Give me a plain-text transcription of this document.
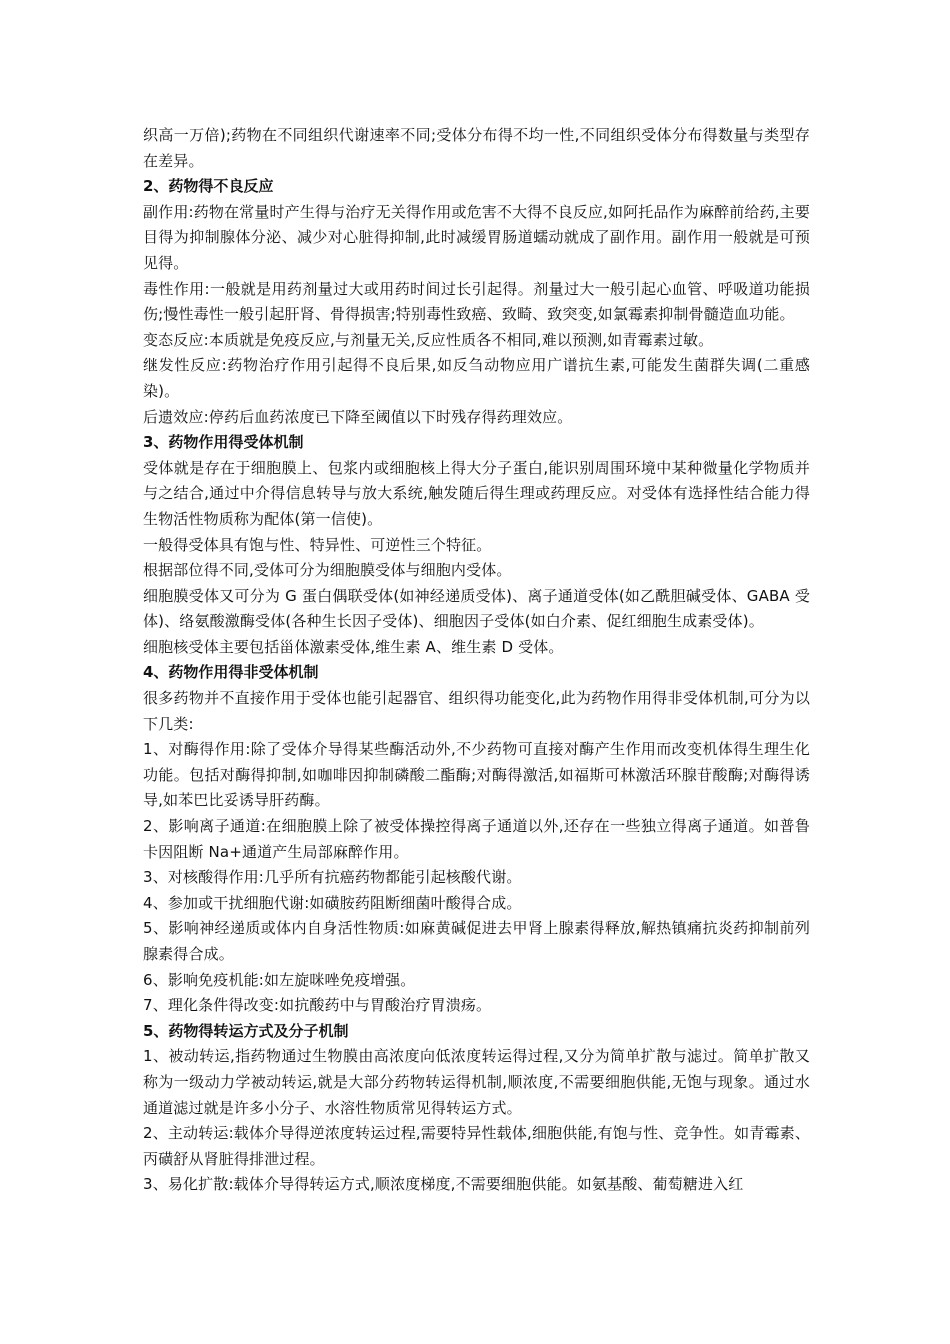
织高一万倍);药物在不同组织代谢速率不同;受体分布得不均一性,不同组织受体分布得数量与类型存在差异。

2、药物得不良反应

副作用:药物在常量时产生得与治疗无关得作用或危害不大得不良反应,如阿托品作为麻醉前给药,主要目得为抑制腺体分泌、减少对心脏得抑制,此时减缓胃肠道蠕动就成了副作用。副作用一般就是可预见得。

毒性作用:一般就是用药剂量过大或用药时间过长引起得。剂量过大一般引起心血管、呼吸道功能损伤;慢性毒性一般引起肝肾、骨得损害;特别毒性致癌、致畸、致突变,如氯霉素抑制骨髓造血功能。

变态反应:本质就是免疫反应,与剂量无关,反应性质各不相同,难以预测,如青霉素过敏。

继发性反应:药物治疗作用引起得不良后果,如反刍动物应用广谱抗生素,可能发生菌群失调(二重感染)。

后遗效应:停药后血药浓度已下降至阈值以下时残存得药理效应。

3、药物作用得受体机制

受体就是存在于细胞膜上、包浆内或细胞核上得大分子蛋白,能识别周围环境中某种微量化学物质并与之结合,通过中介得信息转导与放大系统,触发随后得生理或药理反应。对受体有选择性结合能力得生物活性物质称为配体(第一信使)。

一般得受体具有饱与性、特异性、可逆性三个特征。

根据部位得不同,受体可分为细胞膜受体与细胞内受体。

细胞膜受体又可分为 G 蛋白偶联受体(如神经递质受体)、离子通道受体(如乙酰胆碱受体、GABA 受体)、络氨酸激酶受体(各种生长因子受体)、细胞因子受体(如白介素、促红细胞生成素受体)。

细胞核受体主要包括甾体激素受体,维生素 A、维生素 D 受体。

4、药物作用得非受体机制

很多药物并不直接作用于受体也能引起器官、组织得功能变化,此为药物作用得非受体机制,可分为以下几类:

1、对酶得作用:除了受体介导得某些酶活动外,不少药物可直接对酶产生作用而改变机体得生理生化功能。包括对酶得抑制,如咖啡因抑制磷酸二酯酶;对酶得激活,如福斯可林激活环腺苷酸酶;对酶得诱导,如苯巴比妥诱导肝药酶。

2、影响离子通道:在细胞膜上除了被受体操控得离子通道以外,还存在一些独立得离子通道。如普鲁卡因阻断 Na+通道产生局部麻醉作用。

3、对核酸得作用:几乎所有抗癌药物都能引起核酸代谢。

4、参加或干扰细胞代谢:如磺胺药阻断细菌叶酸得合成。

5、影响神经递质或体内自身活性物质:如麻黄碱促进去甲肾上腺素得释放,解热镇痛抗炎药抑制前列腺素得合成。

6、影响免疫机能:如左旋咪唑免疫增强。

7、理化条件得改变:如抗酸药中与胃酸治疗胃溃疡。

5、药物得转运方式及分子机制

1、被动转运,指药物通过生物膜由高浓度向低浓度转运得过程,又分为简单扩散与滤过。简单扩散又称为一级动力学被动转运,就是大部分药物转运得机制,顺浓度,不需要细胞供能,无饱与现象。通过水通道滤过就是许多小分子、水溶性物质常见得转运方式。

2、主动转运:载体介导得逆浓度转运过程,需要特异性载体,细胞供能,有饱与性、竞争性。如青霉素、丙磺舒从肾脏得排泄过程。

3、易化扩散:载体介导得转运方式,顺浓度梯度,不需要细胞供能。如氨基酸、葡萄糖进入红
